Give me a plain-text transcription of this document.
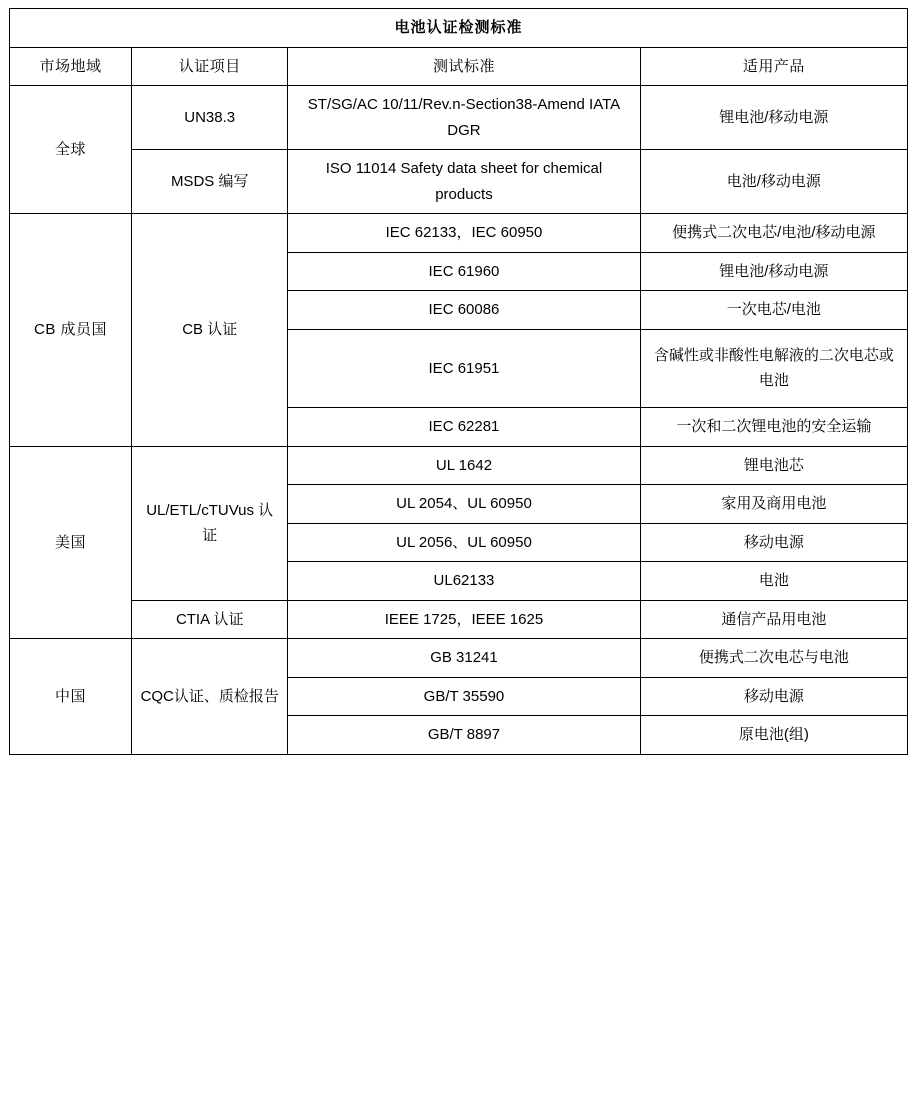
电池认证检测标准			
市场地域	认证项目	测试标准	适用产品
全球	UN38.3	ST/SG/AC 10/11/Rev.n-Section38-Amend IATA DGR	锂电池/移动电源
	MSDS 编写	ISO 11014 Safety data sheet for chemical products	电池/移动电源
CB 成员国	CB 认证	IEC 62133，IEC 60950	便携式二次电芯/电池/移动电源
		IEC 61960	锂电池/移动电源
		IEC 60086	一次电芯/电池
		IEC 61951	含碱性或非酸性电解液的二次电芯或电池
		IEC 62281	一次和二次锂电池的安全运输
美国	UL/ETL/cTUVus 认证	UL 1642	锂电池芯
		UL 2054、UL 60950	家用及商用电池
		UL 2056、UL 60950	移动电源
		UL62133	电池
	CTIA 认证	IEEE 1725，IEEE 1625	通信产品用电池
中国	CQC认证、质检报告	GB 31241	便携式二次电芯与电池
		GB/T 35590	移动电源
		GB/T 8897	原电池(组)
